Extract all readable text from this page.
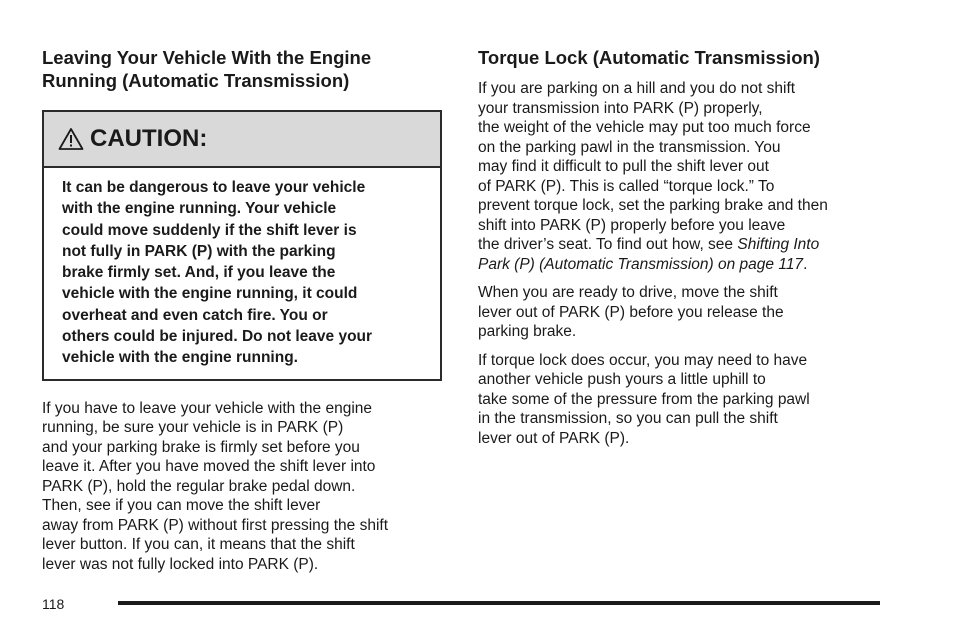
Leaving Your Vehicle With the Engine
Running (Automatic Transmission)
CAUTION:

It can be dangerous to leave your vehicle
with the engine running. Your vehicle
could move suddenly if the shift lever is
not fully in PARK (P) with the parking
brake firmly set. And, if you leave the
vehicle with the engine running, it could
overheat and even catch fire. You or
others could be injured. Do not leave your
vehicle with the engine running.

If you have to leave your vehicle with the engine
running, be sure your vehicle is in PARK (P)
and your parking brake is firmly set before you
leave it. After you have moved the shift lever into
PARK (P), hold the regular brake pedal down.
Then, see if you can move the shift lever
away from PARK (P) without first pressing the shift
lever button. If you can, it means that the shift
lever was not fully locked into PARK (P).

Torque Lock (Automatic Transmission)

If you are parking on a hill and you do not shift
your transmission into PARK (P) properly,
the weight of the vehicle may put too much force
on the parking pawl in the transmission. You
may find it difficult to pull the shift lever out
of PARK (P). This is called “torque lock.” To
prevent torque lock, set the parking brake and then
shift into PARK (P) properly before you leave
the driver’s seat. To find out how, see Shifting Into
Park (P) (Automatic Transmission) on page 117.

When you are ready to drive, move the shift
lever out of PARK (P) before you release the
parking brake.

If torque lock does occur, you may need to have
another vehicle push yours a little uphill to
take some of the pressure from the parking pawl
in the transmission, so you can pull the shift
lever out of PARK (P).

118
